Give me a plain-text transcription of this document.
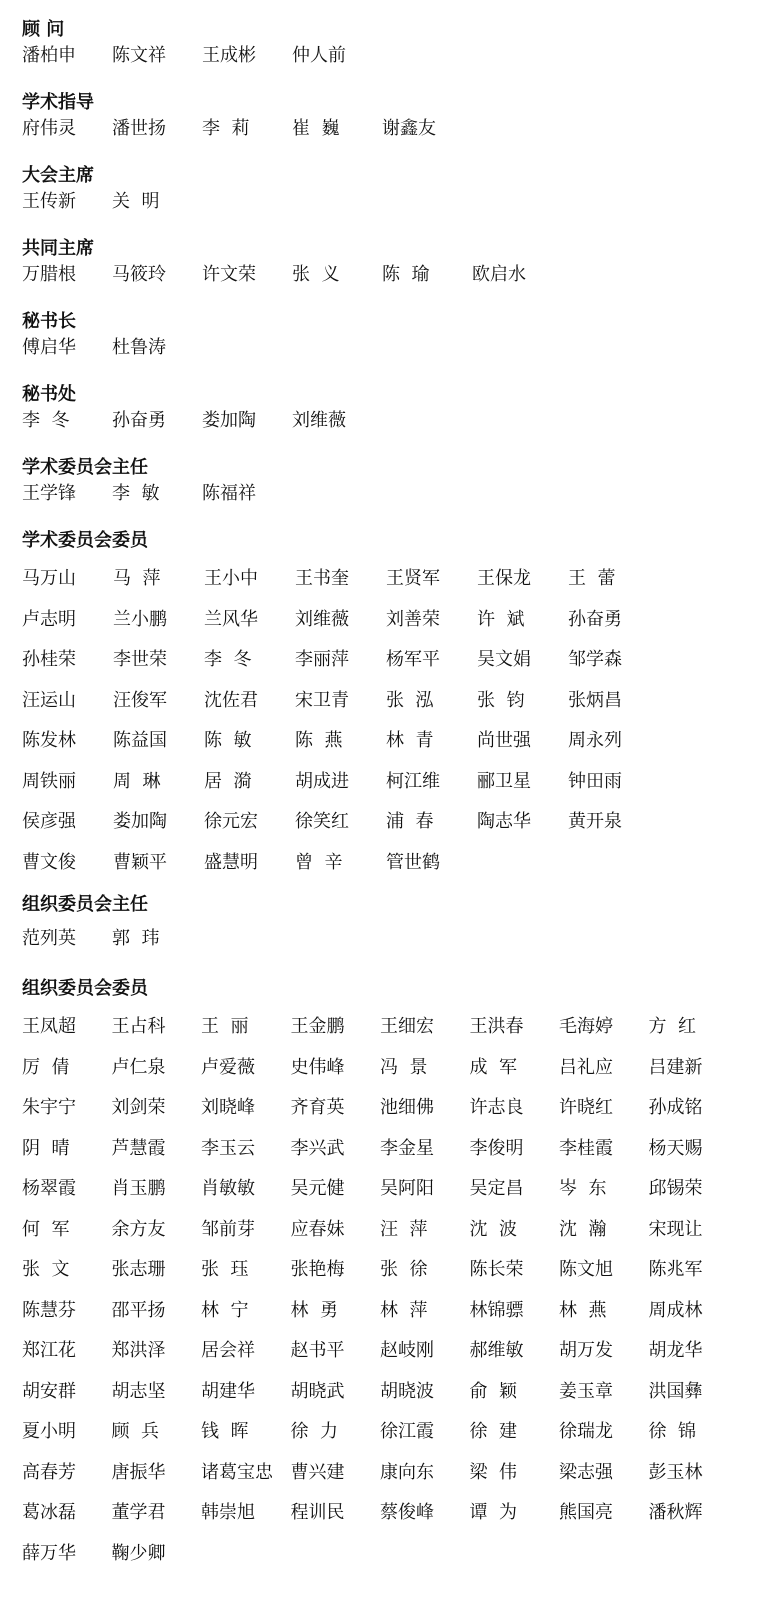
顾 问
潘柏申	陈文祥	王成彬	仲人前
学术指导
府伟灵	潘世扬	李  莉	崔  巍	谢鑫友
大会主席
王传新	关  明
共同主席
万腊根	马筱玲	许文荣	张  义	陈  瑜	欧启水
秘书长
傅启华	杜鲁涛
秘书处
李  冬	孙奋勇	娄加陶	刘维薇
学术委员会主任
王学锋	李  敏	陈福祥
学术委员会委员
马万山	马  萍	王小中	王书奎	王贤军	王保龙	王  蕾
卢志明	兰小鹏	兰风华	刘维薇	刘善荣	许  斌	孙奋勇
孙桂荣	李世荣	李  冬	李丽萍	杨军平	吴文娟	邹学森
汪运山	汪俊军	沈佐君	宋卫青	张  泓	张  钧	张炳昌
陈发林	陈益国	陈  敏	陈  燕	林  青	尚世强	周永列
周铁丽	周  琳	居  漪	胡成进	柯江维	郦卫星	钟田雨
侯彦强	娄加陶	徐元宏	徐笑红	浦  春	陶志华	黄开泉
曹文俊	曹颖平	盛慧明	曾  辛	管世鹤
组织委员会主任
范列英	郭  玮
组织委员会委员
王凤超	王占科	王  丽	王金鹏	王细宏	王洪春	毛海婷	方  红
厉  倩	卢仁泉	卢爱薇	史伟峰	冯  景	成  军	吕礼应	吕建新
朱宇宁	刘剑荣	刘晓峰	齐育英	池细佛	许志良	许晓红	孙成铭
阴  晴	芦慧霞	李玉云	李兴武	李金星	李俊明	李桂霞	杨天赐
杨翠霞	肖玉鹏	肖敏敏	吴元健	吴阿阳	吴定昌	岑  东	邱锡荣
何  军	余方友	邹前芽	应春妹	汪  萍	沈  波	沈  瀚	宋现让
张  文	张志珊	张  珏	张艳梅	张  徐	陈长荣	陈文旭	陈兆军
陈慧芬	邵平扬	林  宁	林  勇	林  萍	林锦骠	林  燕	周成林
郑江花	郑洪泽	居会祥	赵书平	赵岐刚	郝维敏	胡万发	胡龙华
胡安群	胡志坚	胡建华	胡晓武	胡晓波	俞  颖	姜玉章	洪国彝
夏小明	顾  兵	钱  晖	徐  力	徐江霞	徐  建	徐瑞龙	徐  锦
高春芳	唐振华	诸葛宝忠 曹兴建	康向东	梁  伟	梁志强	彭玉林
葛冰磊	董学君	韩崇旭	程训民	蔡俊峰	谭  为	熊国亮	潘秋辉
薛万华	鞠少卿
